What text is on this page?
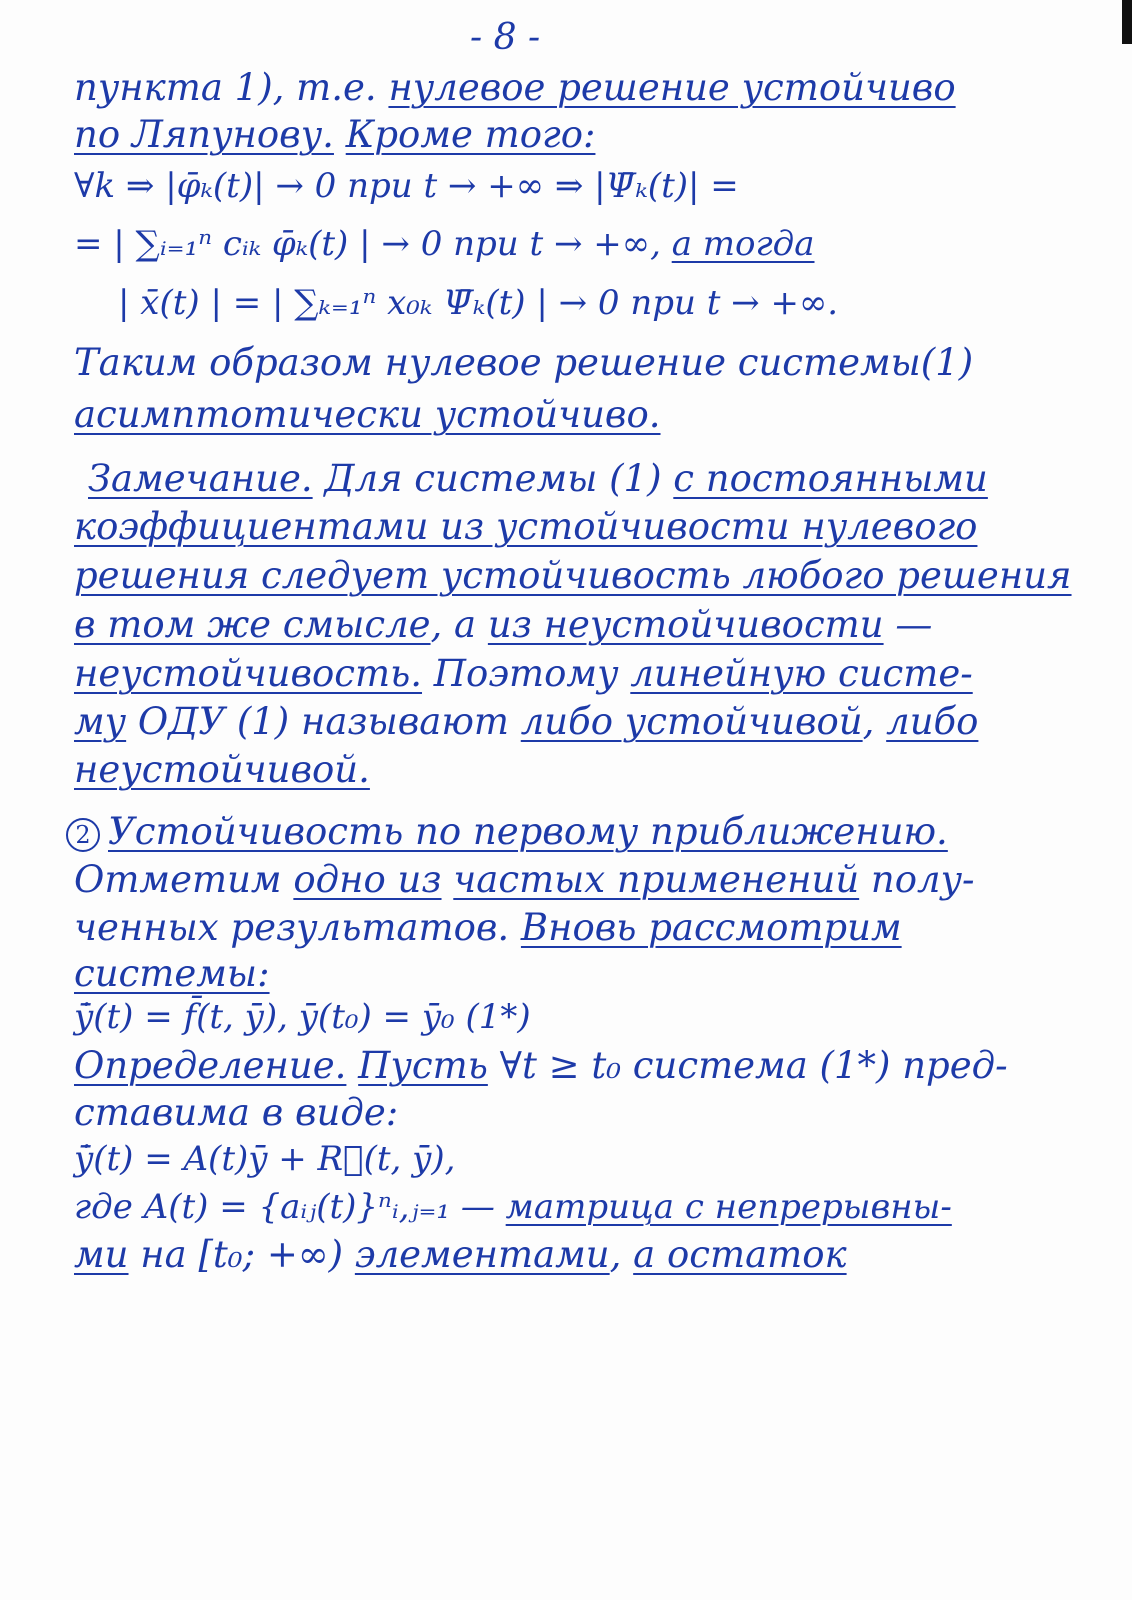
- 8 -
пункта 1), т.е. нулевое решение устойчиво
по Ляпунову. Кроме того:
∀k ⇒ |φ̄ₖ(t)| → 0 при t → +∞ ⇒ |Ψ̄ₖ(t)| =
= | ∑ᵢ₌₁ⁿ cᵢₖ φ̄ₖ(t) | → 0 при t → +∞, а тогда
| x̄(t) | = | ∑ₖ₌₁ⁿ x₀ₖ Ψ̄ₖ(t) | → 0 при t → +∞.
Таким образом нулевое решение системы(1)
асимптотически устойчиво.
Замечание. Для системы (1) с постоянными
коэффициентами из устойчивости нулевого
решения следует устойчивость любого решения
в том же смысле, а из неустойчивости —
неустойчивость. Поэтому линейную систе-
му ОДУ (1) называют либо устойчивой, либо
неустойчивой.
2 Устойчивость по первому приближению.
Отметим одно из частых применений полу-
ченных результатов. Вновь рассмотрим
системы:
ẏ̄(t) = f̄(t, ȳ), ȳ(t₀) = ȳ₀ (1*)
Определение. Пусть ∀t ≥ t₀ система (1*) пред-
ставима в виде:
ẏ̄(t) = A(t)ȳ + R⃗(t, ȳ),
где A(t) = {aᵢⱼ(t)}ⁿᵢ,ⱼ₌₁ — матрица с непрерывны-
ми на [t₀; +∞) элементами, а остаток
